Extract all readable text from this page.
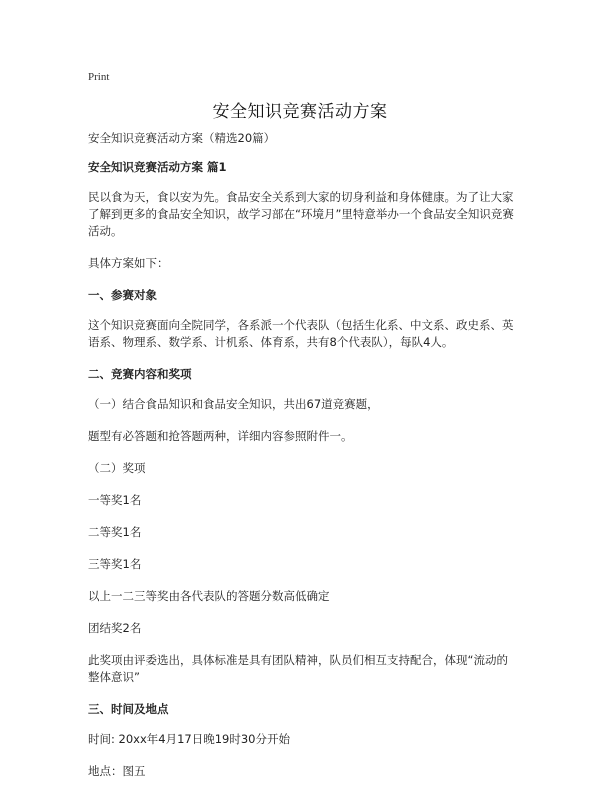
Print
安全知识竞赛活动方案

安全知识竞赛活动方案（精选20篇）

安全知识竞赛活动方案 篇1

民以食为天，食以安为先。食品安全关系到大家的切身利益和身体健康。为了让大家了解到更多的食品安全知识，故学习部在“环境月”里特意举办一个食品安全知识竞赛活动。

具体方案如下：

一、参赛对象

这个知识竞赛面向全院同学，各系派一个代表队（包括生化系、中文系、政史系、英语系、物理系、数学系、计机系、体育系，共有8个代表队），每队4人。

二、竞赛内容和奖项

（一）结合食品知识和食品安全知识，共出67道竞赛题，

题型有必答题和抢答题两种，详细内容参照附件一。

（二）奖项

一等奖1名

二等奖1名

三等奖1名

以上一二三等奖由各代表队的答题分数高低确定

团结奖2名

此奖项由评委选出，具体标准是具有团队精神，队员们相互支持配合，体现“流动的整体意识”

三、时间及地点

时间: 20xx年4月17日晚19时30分开始

地点：图五
